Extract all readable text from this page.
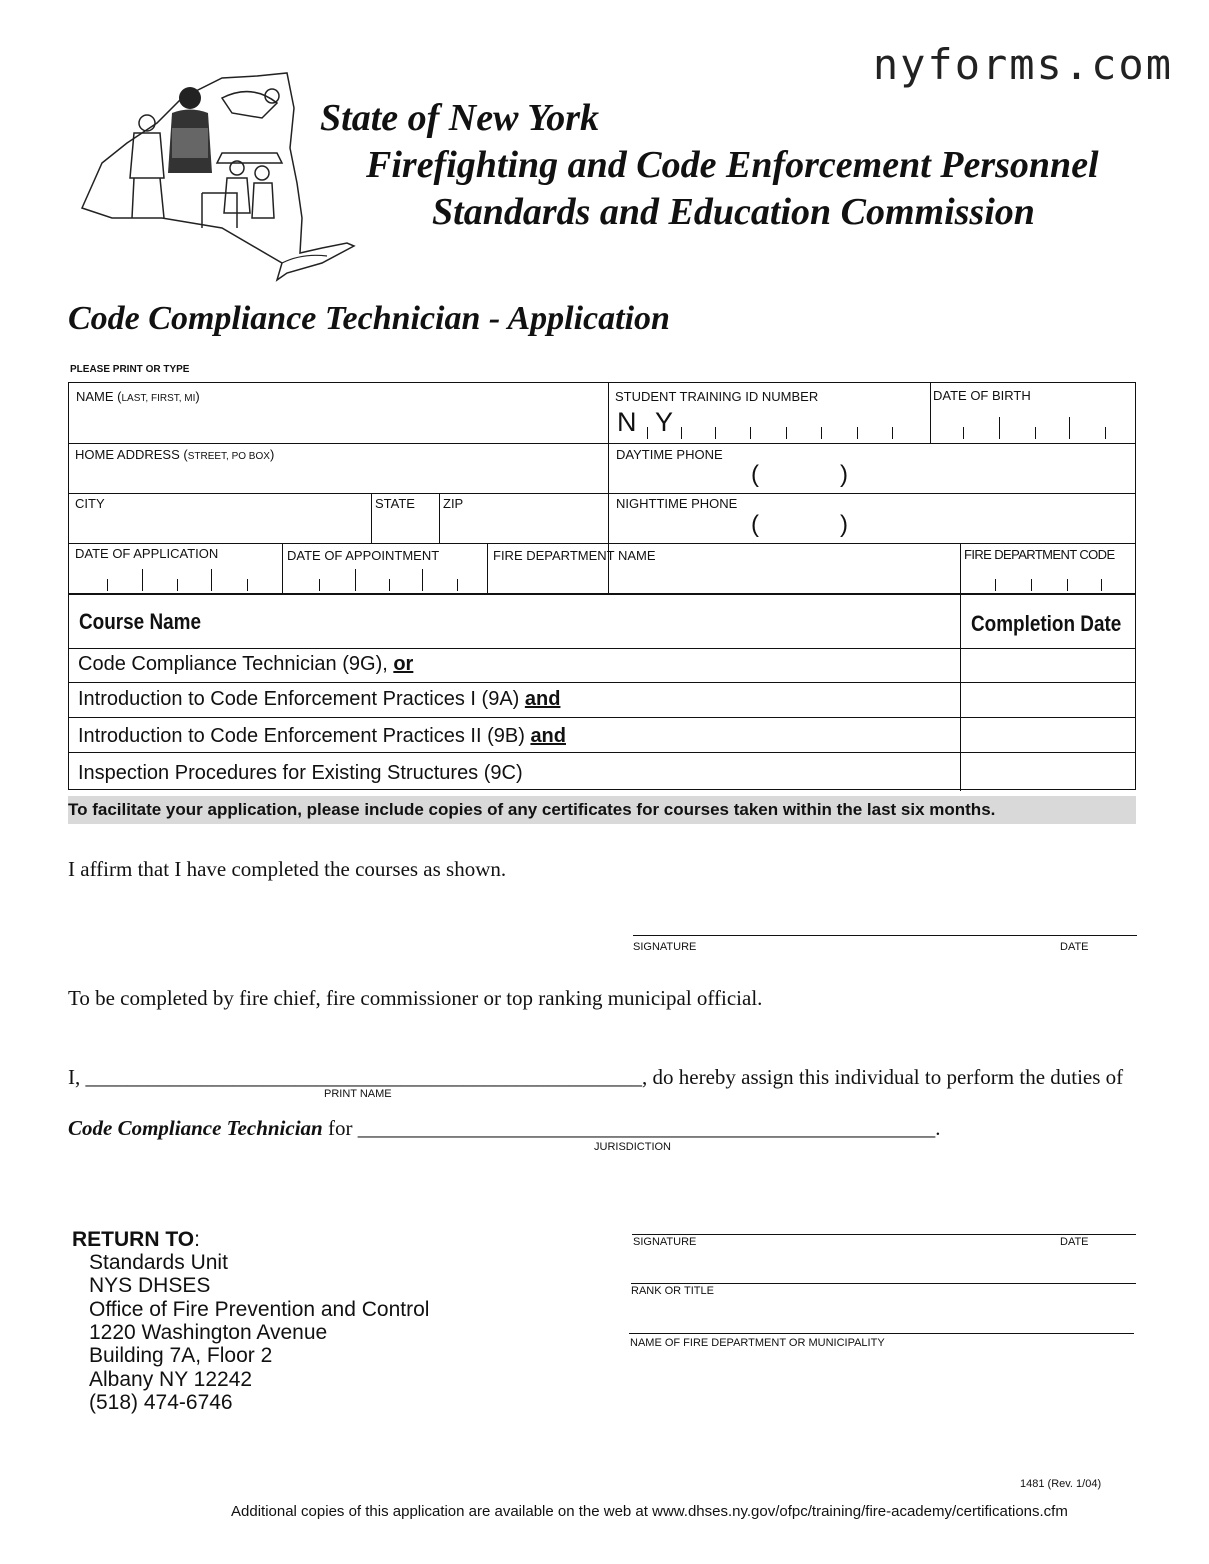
nyforms.com
State of New York
Firefighting and Code Enforcement Personnel
Standards and Education Commission
Code Compliance Technician - Application
PLEASE PRINT OR TYPE
NAME (LAST, FIRST, MI)	STUDENT TRAINING ID NUMBER
N Y
DATE OF BIRTH
HOME ADDRESS (STREET, PO BOX)	DAYTIME PHONE
(	)
CITY	STATE ZIP	NIGHTTIME PHONE
(	)
DATE OF APPLICATION	DATE OF APPOINTMENT	FIRE DEPARTMENT NAME	FIRE DEPARTMENT CODE
Course Name	Completion Date
Code Compliance Technician (9G), or
Introduction to Code Enforcement Practices I (9A) and
Introduction to Code Enforcement Practices II (9B) and
Inspection Procedures for Existing Structures (9C)
To facilitate your application, please include copies of any certificates for courses taken within the last six months.
I affirm that I have completed the courses as shown.
SIGNATURE	DATE
To be completed by fire chief, fire commissioner or top ranking municipal official.
I, _____________________________________________________, do hereby assign this individual to perform the duties of
PRINT NAME
Code Compliance Technician for _______________________________________________________.
JURISDICTION
RETURN TO:
Standards Unit
NYS DHSES
Office of Fire Prevention and Control
1220 Washington Avenue
Building 7A, Floor 2
Albany NY 12242
(518) 474-6746
SIGNATURE	DATE
RANK OR TITLE
NAME OF FIRE DEPARTMENT OR MUNICIPALITY
1481 (Rev. 1/04)
Additional copies of this application are available on the web at www.dhses.ny.gov/ofpc/training/fire-academy/certifications.cfm
